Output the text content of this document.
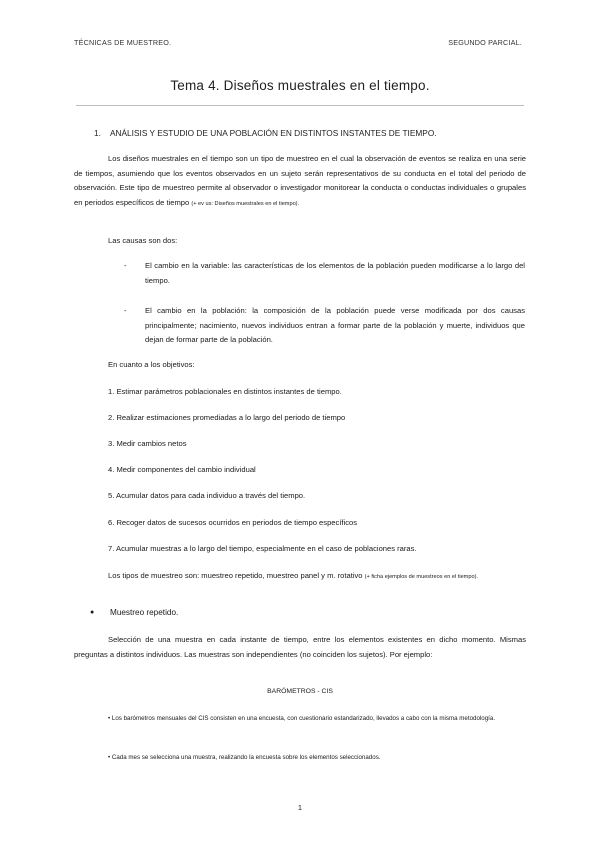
TÉCNICAS DE MUESTREO.	SEGUNDO PARCIAL.
Tema 4. Diseños muestrales en el tiempo.
1. ANÁLISIS Y ESTUDIO DE UNA POBLACIÓN EN DISTINTOS INSTANTES DE TIEMPO.
Los diseños muestrales en el tiempo son un tipo de muestreo en el cual la observación de eventos se realiza en una serie de tiempos, asumiendo que los eventos observados en un sujeto serán representativos de su conducta en el total del periodo de observación. Este tipo de muestreo permite al observador o investigador monitorear la conducta o conductas individuales o grupales en periodos específicos de tiempo (+ ev us: Diseños muestrales en el tiempo).
Las causas son dos:
- El cambio en la variable: las características de los elementos de la población pueden modificarse a lo largo del tiempo.
- El cambio en la población: la composición de la población puede verse modificada por dos causas principalmente; nacimiento, nuevos individuos entran a formar parte de la población y muerte, individuos que dejan de formar parte de la población.
En cuanto a los objetivos:
1. Estimar parámetros poblacionales en distintos instantes de tiempo.
2. Realizar estimaciones promediadas a lo largo del periodo de tiempo
3. Medir cambios netos
4. Medir componentes del cambio individual
5. Acumular datos para cada individuo a través del tiempo.
6. Recoger datos de sucesos ocurridos en periodos de tiempo específicos
7. Acumular muestras a lo largo del tiempo, especialmente en el caso de poblaciones raras.
Los tipos de muestreo son: muestreo repetido, muestreo panel y m. rotativo (+ ficha ejemplos de muestreos en el tiempo).
● Muestreo repetido.
Selección de una muestra en cada instante de tiempo, entre los elementos existentes en dicho momento. Mismas preguntas a distintos individuos. Las muestras son independientes (no coinciden los sujetos). Por ejemplo:
BARÓMETROS - CIS
• Los barómetros mensuales del CIS consisten en una encuesta, con cuestionario estandarizado, llevados a cabo con la misma metodología.
• Cada mes se selecciona una muestra, realizando la encuesta sobre los elementos seleccionados.
1
